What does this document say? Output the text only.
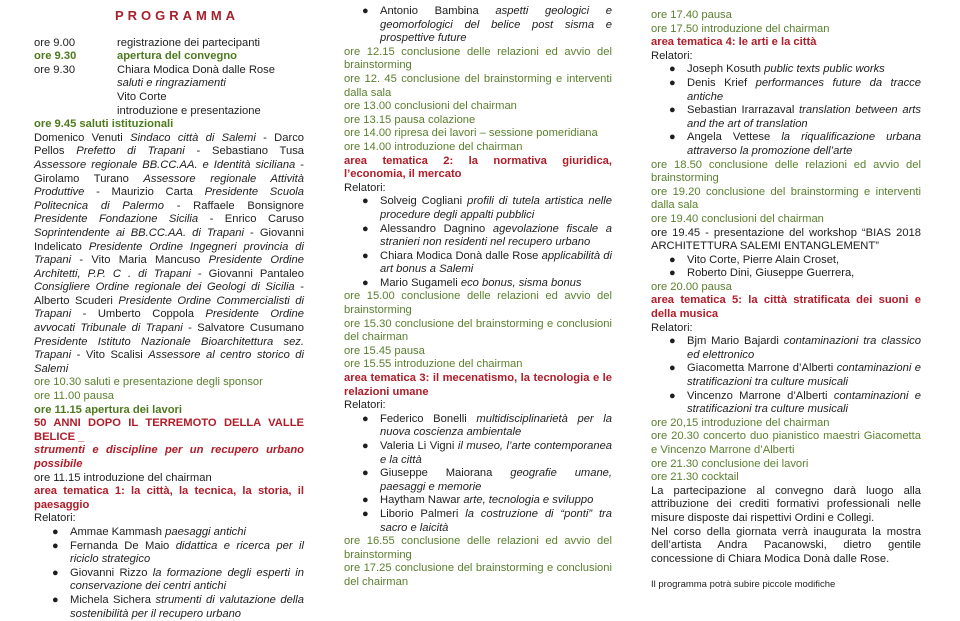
PROGRAMMA
ore 9.00	registrazione dei partecipanti
ore 9.30	apertura del convegno
ore 9.30	Chiara Modica Donà dalle Rose saluti e ringraziamenti
Vito Corte
introduzione e presentazione

ore 9.45 saluti istituzionali

Domenico Venuti Sindaco città di Salemi - Darco Pellos Prefetto di Trapani - Sebastiano Tusa Assessore regionale BB.CC.AA. e Identità siciliana - Girolamo Turano Assessore regionale Attività Produttive - Maurizio Carta Presidente Scuola Politecnica di Palermo - Raffaele Bonsignore Presidente Fondazione Sicilia - Enrico Caruso Soprintendente ai BB.CC.AA. di Trapani - Giovanni Indelicato Presidente Ordine Ingegneri provincia di Trapani - Vito Maria Mancuso Presidente Ordine Architetti, P.P. C . di Trapani - Giovanni Pantaleo Consigliere Ordine regionale dei Geologi di Sicilia - Alberto Scuderi Presidente Ordine Commercialisti di Trapani - Umberto Coppola Presidente Ordine avvocati Tribunale di Trapani - Salvatore Cusumano Presidente Istituto Nazionale Bioarchitettura sez. Trapani - Vito Scalisi Assessore al centro storico di Salemi

ore 10.30 saluti e presentazione degli sponsor

ore 11.00 pausa

ore 11.15 apertura dei lavori

50 ANNI DOPO IL TERREMOTO DELLA VALLE BELICE _

strumenti e discipline per un recupero urbano possibile

ore 11.15 introduzione del chairman

area tematica 1: la città, la tecnica, la storia, il paesaggio

Relatori:

● Ammae Kammash paesaggi antichi
● Fernanda De Maio didattica e ricerca per il riciclo strategico
● Giovanni Rizzo la formazione degli esperti in conservazione dei centri antichi
● Michela Sichera strumenti di valutazione della sostenibilità per il recupero urbano
● Antonio Bambina aspetti geologici e geomorfologici del belice post sisma e prospettive future

ore 12.15 conclusione delle relazioni ed avvio del brainstorming

ore 12. 45 conclusione del brainstorming e interventi dalla sala

ore 13.00 conclusioni del chairman

ore 13.15 pausa colazione

ore 14.00 ripresa dei lavori – sessione pomeridiana

ore 14.00 introduzione del chairman

area tematica 2: la normativa giuridica, l’economia, il mercato

Relatori:

● Solveig Cogliani profili di tutela artistica nelle procedure degli appalti pubblici
● Alessandro Dagnino agevolazione fiscale a stranieri non residenti nel recupero urbano
● Chiara Modica Donà dalle Rose applicabilità di art bonus a Salemi
● Mario Sugameli eco bonus, sisma bonus

ore 15.00 conclusione delle relazioni ed avvio del brainstorming

ore 15.30 conclusione del brainstorming e conclusioni del chairman

ore 15.45 pausa

ore 15.55 introduzione del chairman

area tematica 3: il mecenatismo, la tecnologia e le relazioni umane

Relatori:

● Federico Bonelli multidisciplinarietà per la nuova coscienza ambientale
● Valeria Li Vigni il museo, l’arte contemporanea e la città
● Giuseppe Maiorana geografie umane, paesaggi e memorie
● Haytham Nawar arte, tecnologia e sviluppo
● Liborio Palmeri la costruzione di “ponti” tra sacro e laicità

ore 16.55 conclusione delle relazioni ed avvio del brainstorming

ore 17.25 conclusione del brainstorming e conclusioni del chairman

ore 17.40 pausa

ore 17.50 introduzione del chairman

area tematica 4: le arti e la città

Relatori:

● Joseph Kosuth public texts public works
● Denis Krief performances future da tracce antiche
● Sebastian Irarrazaval translation between arts and the art of translation
● Angela Vettese la riqualificazione urbana attraverso la promozione dell’arte

ore 18.50 conclusione delle relazioni ed avvio del brainstorming

ore 19.20 conclusione del brainstorming e interventi dalla sala

ore 19.40 conclusioni del chairman

ore 19.45 - presentazione del workshop “BIAS 2018 ARCHITETTURA SALEMI ENTANGLEMENT”

● Vito Corte, Pierre Alain Croset,
● Roberto Dini, Giuseppe Guerrera,

ore 20.00 pausa

area tematica 5: la città stratificata dei suoni e della musica

Relatori:

● Bjm Mario Bajardi contaminazioni tra classico ed elettronico
● Giacometta Marrone d’Alberti contaminazioni e stratificazioni tra culture musicali
● Vincenzo Marrone d’Alberti contaminazioni e stratificazioni tra culture musicali

ore 20,15 introduzione del chairman

ore 20.30 concerto duo pianistico maestri Giacometta e Vincenzo Marrone d’Alberti

ore 21.30 conclusione dei lavori

ore 21.30 cocktail

La partecipazione al convegno darà luogo alla attribuzione dei crediti formativi professionali nelle misure disposte dai rispettivi Ordini e Collegi.

Nel corso della giornata verrà inaugurata la mostra dell’artista Andra Pacanowski, dietro gentile concessione di Chiara Modica Donà dalle Rose.

Il programma potrà subire piccole modifiche
